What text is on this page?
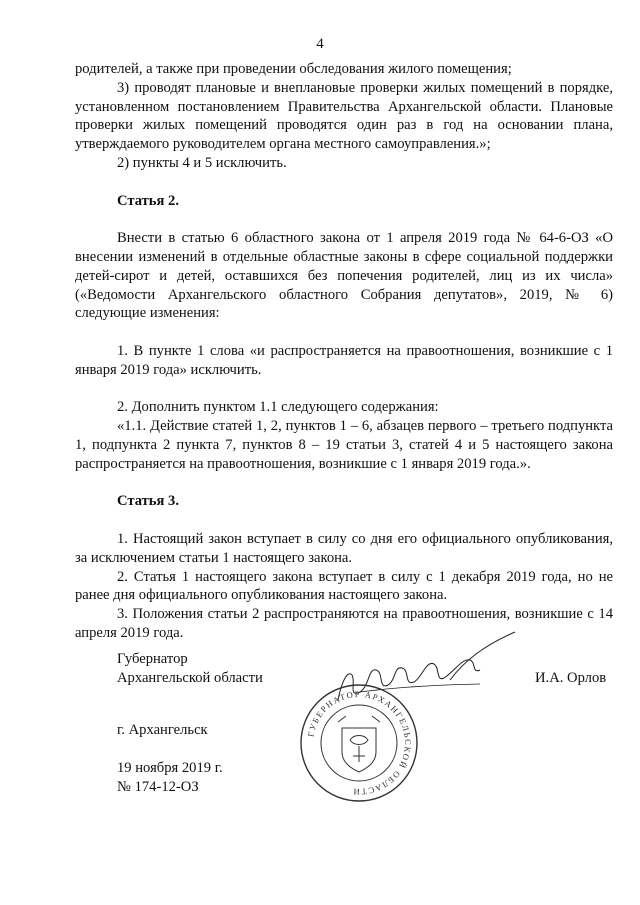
4

родителей, а также при проведении обследования жилого помещения;

3) проводят плановые и внеплановые проверки жилых помещений в порядке, установленном постановлением Правительства Архангельской области. Плановые проверки жилых помещений проводятся один раз в год на основании плана, утверждаемого руководителем органа местного самоуправления.»;

2) пункты 4 и 5 исключить.

Статья 2.

Внести в статью 6 областного закона от 1 апреля 2019 года № 64-6-ОЗ «О внесении изменений в отдельные областные законы в сфере социальной поддержки детей-сирот и детей, оставшихся без попечения родителей, лиц из их числа» («Ведомости Архангельского областного Собрания депутатов», 2019, № 6) следующие изменения:

1. В пункте 1 слова «и распространяется на правоотношения, возникшие с 1 января 2019 года» исключить.

2. Дополнить пунктом 1.1 следующего содержания:

«1.1. Действие статей 1, 2, пунктов 1 – 6, абзацев первого – третьего подпункта 1, подпункта 2 пункта 7, пунктов 8 – 19 статьи 3, статей 4 и 5 настоящего закона распространяется на правоотношения, возникшие с 1 января 2019 года.».

Статья 3.

1. Настоящий закон вступает в силу со дня его официального опубликования, за исключением статьи 1 настоящего закона.

2. Статья 1 настоящего закона вступает в силу с 1 декабря 2019 года, но не ранее дня официального опубликования настоящего закона.

3. Положения статьи 2 распространяются на правоотношения, возникшие с 14 апреля 2019 года.

Губернатор
Архангельской области	И.А. Орлов
г. Архангельск
19 ноября 2019 г.
№ 174-12-ОЗ
ГУБЕРНАТОР АРХАНГЕЛЬСКОЙ ОБЛАСТИ
